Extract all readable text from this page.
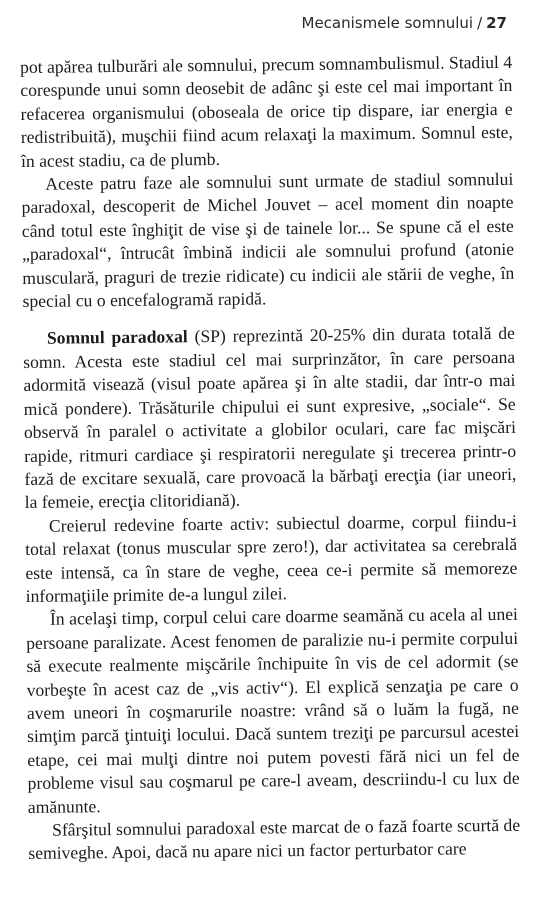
Mecanismele somnului / 27

pot apărea tulburări ale somnului, precum somnambulismul. Stadiul 4 corespunde unui somn deosebit de adânc şi este cel mai important în refacerea organismului (oboseala de orice tip dispare, iar energia e redistribuită), muşchii fiind acum relaxaţi la maximum. Somnul este, în acest stadiu, ca de plumb.

Aceste patru faze ale somnului sunt urmate de stadiul somnului paradoxal, descoperit de Michel Jouvet – acel moment din noapte când totul este înghiţit de vise şi de tainele lor... Se spune că el este „paradoxal“, întrucât îmbină indicii ale somnului profund (atonie musculară, praguri de trezie ridicate) cu indicii ale stării de veghe, în special cu o encefalogramă rapidă.

Somnul paradoxal (SP) reprezintă 20-25% din durata totală de somn. Acesta este stadiul cel mai surprinzător, în care persoana adormită visează (visul poate apărea şi în alte stadii, dar într-o mai mică pondere). Trăsăturile chipului ei sunt expresive, „sociale“. Se observă în paralel o activitate a globilor oculari, care fac mişcări rapide, ritmuri cardiace şi respiratorii neregulate şi trecerea printr-o fază de excitare sexuală, care provoacă la bărbaţi erecţia (iar uneori, la femeie, erecţia clitoridiană).

Creierul redevine foarte activ: subiectul doarme, corpul fiindu-i total relaxat (tonus muscular spre zero!), dar activitatea sa cerebrală este intensă, ca în stare de veghe, ceea ce-i permite să memoreze informaţiile primite de-a lungul zilei.

În acelaşi timp, corpul celui care doarme seamănă cu acela al unei persoane paralizate. Acest fenomen de paralizie nu-i permite corpului să execute realmente mişcările închipuite în vis de cel adormit (se vorbeşte în acest caz de „vis activ“). El explică senzaţia pe care o avem uneori în coşmarurile noastre: vrând să o luăm la fugă, ne simţim parcă ţintuiţi locului. Dacă suntem treziţi pe parcursul acestei etape, cei mai mulţi dintre noi putem povesti fără nici un fel de probleme visul sau coşmarul pe care-l aveam, descriindu-l cu lux de amănunte.

Sfârşitul somnului paradoxal este marcat de o fază foarte scurtă de semiveghe. Apoi, dacă nu apare nici un factor perturbator care
